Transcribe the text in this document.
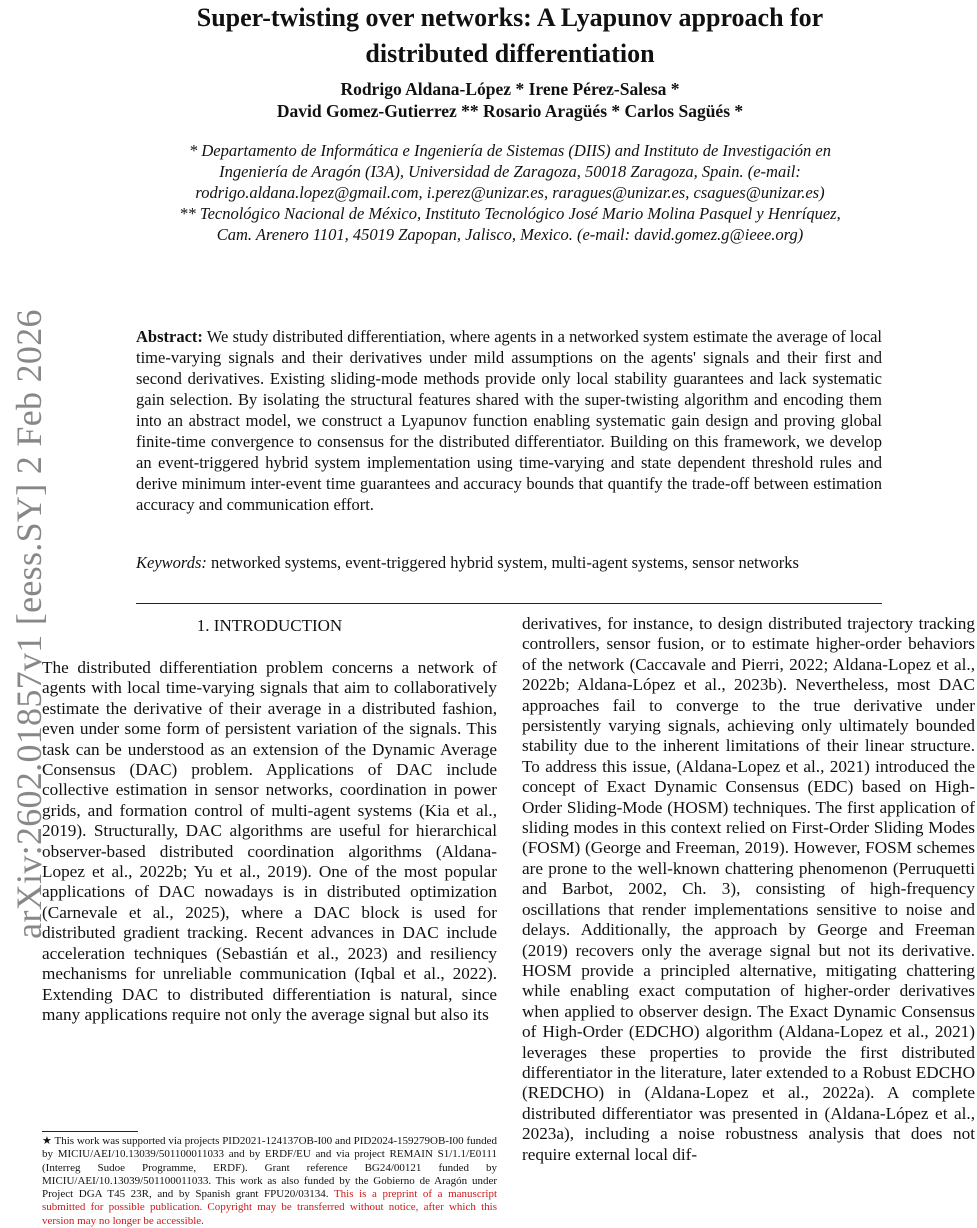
arXiv:2602.01857v1 [eess.SY] 2 Feb 2026
Super-twisting over networks: A Lyapunov approach for distributed differentiation
Rodrigo Aldana-López * Irene Pérez-Salesa *
David Gomez-Gutierrez ** Rosario Aragüés * Carlos Sagüés *
* Departamento de Informática e Ingeniería de Sistemas (DIIS) and Instituto de Investigación en Ingeniería de Aragón (I3A), Universidad de Zaragoza, 50018 Zaragoza, Spain. (e-mail: rodrigo.aldana.lopez@gmail.com, i.perez@unizar.es, raragues@unizar.es, csagues@unizar.es)
** Tecnológico Nacional de México, Instituto Tecnológico José Mario Molina Pasquel y Henríquez, Cam. Arenero 1101, 45019 Zapopan, Jalisco, Mexico. (e-mail: david.gomez.g@ieee.org)
Abstract: We study distributed differentiation, where agents in a networked system estimate the average of local time-varying signals and their derivatives under mild assumptions on the agents' signals and their first and second derivatives. Existing sliding-mode methods provide only local stability guarantees and lack systematic gain selection. By isolating the structural features shared with the super-twisting algorithm and encoding them into an abstract model, we construct a Lyapunov function enabling systematic gain design and proving global finite-time convergence to consensus for the distributed differentiator. Building on this framework, we develop an event-triggered hybrid system implementation using time-varying and state dependent threshold rules and derive minimum inter-event time guarantees and accuracy bounds that quantify the trade-off between estimation accuracy and communication effort.
Keywords: networked systems, event-triggered hybrid system, multi-agent systems, sensor networks
1. INTRODUCTION
The distributed differentiation problem concerns a network of agents with local time-varying signals that aim to collaboratively estimate the derivative of their average in a distributed fashion, even under some form of persistent variation of the signals. This task can be understood as an extension of the Dynamic Average Consensus (DAC) problem. Applications of DAC include collective estimation in sensor networks, coordination in power grids, and formation control of multi-agent systems (Kia et al., 2019). Structurally, DAC algorithms are useful for hierarchical observer-based distributed coordination algorithms (Aldana-Lopez et al., 2022b; Yu et al., 2019). One of the most popular applications of DAC nowadays is in distributed optimization (Carnevale et al., 2025), where a DAC block is used for distributed gradient tracking. Recent advances in DAC include acceleration techniques (Sebastián et al., 2023) and resiliency mechanisms for unreliable communication (Iqbal et al., 2022). Extending DAC to distributed differentiation is natural, since many applications require not only the average signal but also its
derivatives, for instance, to design distributed trajectory tracking controllers, sensor fusion, or to estimate higher-order behaviors of the network (Caccavale and Pierri, 2022; Aldana-Lopez et al., 2022b; Aldana-López et al., 2023b). Nevertheless, most DAC approaches fail to converge to the true derivative under persistently varying signals, achieving only ultimately bounded stability due to the inherent limitations of their linear structure. To address this issue, (Aldana-Lopez et al., 2021) introduced the concept of Exact Dynamic Consensus (EDC) based on High-Order Sliding-Mode (HOSM) techniques. The first application of sliding modes in this context relied on First-Order Sliding Modes (FOSM) (George and Freeman, 2019). However, FOSM schemes are prone to the well-known chattering phenomenon (Perruquetti and Barbot, 2002, Ch. 3), consisting of high-frequency oscillations that render implementations sensitive to noise and delays. Additionally, the approach by George and Freeman (2019) recovers only the average signal but not its derivative. HOSM provide a principled alternative, mitigating chattering while enabling exact computation of higher-order derivatives when applied to observer design. The Exact Dynamic Consensus of High-Order (EDCHO) algorithm (Aldana-Lopez et al., 2021) leverages these properties to provide the first distributed differentiator in the literature, later extended to a Robust EDCHO (REDCHO) in (Aldana-Lopez et al., 2022a). A complete distributed differentiator was presented in (Aldana-López et al., 2023a), including a noise robustness analysis that does not require external local dif-
★ This work was supported via projects PID2021-124137OB-I00 and PID2024-159279OB-I00 funded by MICIU/AEI/10.13039/501100011033 and by ERDF/EU and via project REMAIN S1/1.1/E0111 (Interreg Sudoe Programme, ERDF). Grant reference BG24/00121 funded by MICIU/AEI/10.13039/501100011033. This work as also funded by the Gobierno de Aragón under Project DGA T45 23R, and by Spanish grant FPU20/03134. This is a preprint of a manuscript submitted for possible publication. Copyright may be transferred without notice, after which this version may no longer be accessible.
